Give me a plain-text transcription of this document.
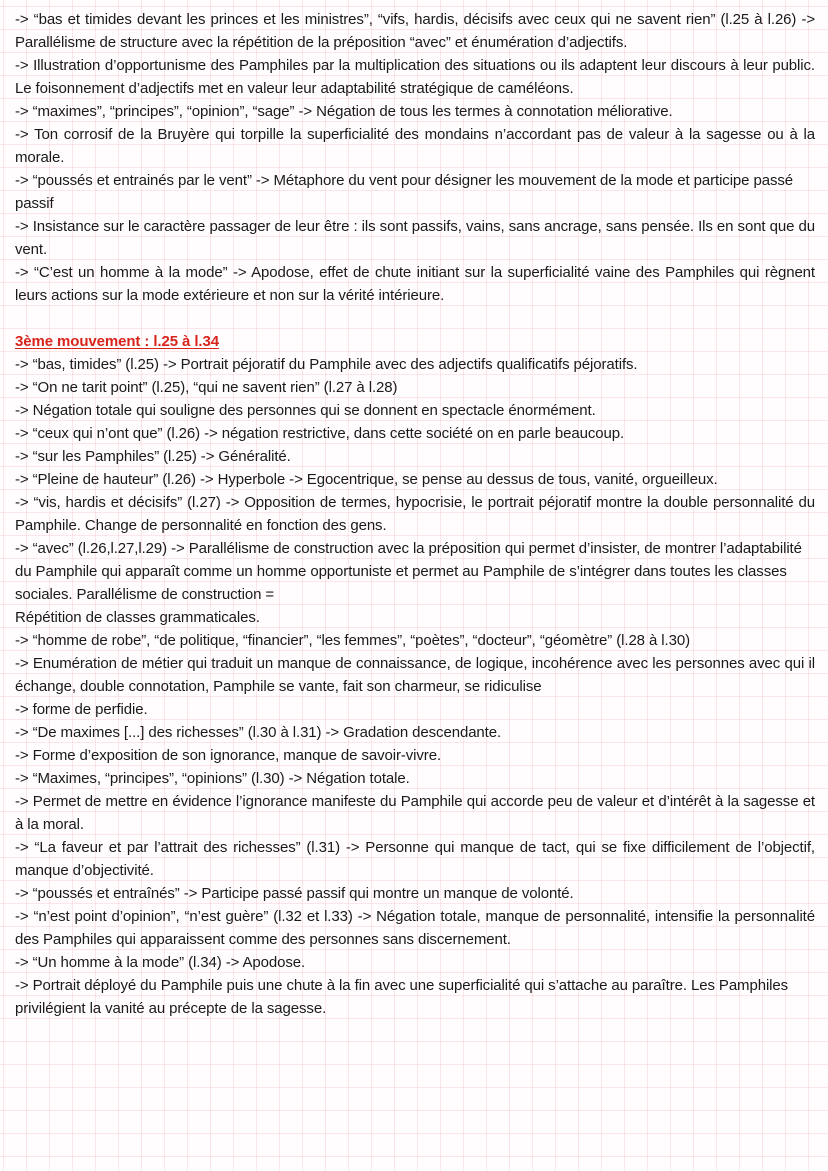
-> “bas et timides devant les princes et les ministres”, “vifs, hardis, décisifs avec ceux qui ne savent rien” (l.25 à l.26) -> Parallélisme de structure avec la répétition de la préposition “avec” et énumération d’adjectifs.

-> Illustration d’opportunisme des Pamphiles par la multiplication des situations ou ils adaptent leur discours à leur public. Le foisonnement d’adjectifs met en valeur leur adaptabilité stratégique de caméléons.

-> “maximes”, “principes”, “opinion”, “sage” -> Négation de tous les termes à connotation méliorative.

-> Ton corrosif de la Bruyère qui torpille la superficialité des mondains n’accordant pas de valeur à la sagesse ou à la morale.

-> “poussés et entrainés par le vent” -> Métaphore du vent pour désigner les mouvement de la mode et participe passé passif

-> Insistance sur le caractère passager de leur être : ils sont passifs, vains, sans ancrage, sans pensée. Ils en sont que du vent.

-> “C’est un homme à la mode” -> Apodose, effet de chute initiant sur la superficialité vaine des Pamphiles qui règnent leurs actions sur la mode extérieure et non sur la vérité intérieure.

3ème mouvement : l.25 à l.34

-> “bas, timides” (l.25) -> Portrait péjoratif du Pamphile avec des adjectifs qualificatifs péjoratifs.

-> “On ne tarit point” (l.25), “qui ne savent rien” (l.27 à l.28)

-> Négation totale qui souligne des personnes qui se donnent en spectacle énormément.

-> “ceux qui n’ont que” (l.26) -> négation restrictive, dans cette société on en parle beaucoup.

-> “sur les Pamphiles” (l.25) -> Généralité.

-> “Pleine de hauteur” (l.26) -> Hyperbole -> Egocentrique, se pense au dessus de tous, vanité, orgueilleux.

-> “vis, hardis et décisifs” (l.27) -> Opposition de termes, hypocrisie, le portrait péjoratif montre la double personnalité du Pamphile. Change de personnalité en fonction des gens.

-> “avec” (l.26,l.27,l.29) -> Parallélisme de construction avec la préposition qui permet d’insister, de montrer l’adaptabilité du Pamphile qui apparaît comme un homme opportuniste et permet au Pamphile de s’intégrer dans toutes les classes sociales. Parallélisme de construction =

Répétition de classes grammaticales.

-> “homme de robe”, “de politique, “financier”, “les femmes”, “poètes”, “docteur”, “géomètre” (l.28 à l.30)

-> Enumération de métier qui traduit un manque de connaissance, de logique, incohérence avec les personnes avec qui il échange, double connotation, Pamphile se vante, fait son charmeur, se ridiculise

-> forme de perfidie.

-> “De maximes [...] des richesses” (l.30 à l.31) -> Gradation descendante.

-> Forme d’exposition de son ignorance, manque de savoir-vivre.

-> “Maximes, “principes”, “opinions” (l.30) -> Négation totale.

-> Permet de mettre en évidence l’ignorance manifeste du Pamphile qui accorde peu de valeur et d’intérêt à la sagesse et à la moral.

-> “La faveur et par l’attrait des richesses” (l.31) -> Personne qui manque de tact, qui se fixe difficilement de l’objectif, manque d’objectivité.

-> “poussés et entraînés” -> Participe passé passif qui montre un manque de volonté.

-> “n’est point d’opinion”, “n’est guère” (l.32 et l.33) -> Négation totale, manque de personnalité, intensifie la personnalité des Pamphiles qui apparaissent comme des personnes sans discernement.

-> “Un homme à la mode” (l.34) -> Apodose.

-> Portrait déployé du Pamphile puis une chute à la fin avec une superficialité qui s’attache au paraître. Les Pamphiles privilégient la vanité au précepte de la sagesse.
